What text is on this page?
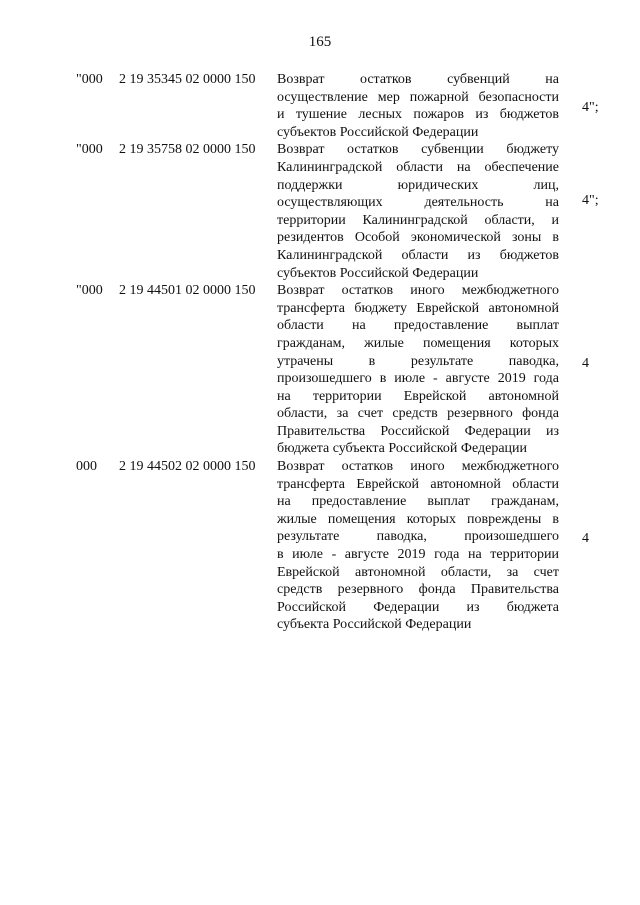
165
"000	2 19 35345 02 0000 150	Возврат остатков субвенций на
осуществление мер пожарной безопасности
и тушение лесных пожаров из бюджетов
субъектов Российской Федерации
4";
"000	2 19 35758 02 0000 150	Возврат остатков субвенции бюджету
Калининградской области на обеспечение
поддержки юридических лиц,
осуществляющих деятельность на
территории Калининградской области, и
резидентов Особой экономической зоны в
Калининградской области из бюджетов
субъектов Российской Федерации
4";
"000	2 19 44501 02 0000 150	Возврат остатков иного межбюджетного
трансферта бюджету Еврейской автономной
области на предоставление выплат
гражданам, жилые помещения которых
утрачены в результате паводка,
произошедшего в июле - августе 2019 года
на территории Еврейской автономной
области, за счет средств резервного фонда
Правительства Российской Федерации из
бюджета субъекта Российской Федерации
4
000	2 19 44502 02 0000 150	Возврат остатков иного межбюджетного
трансферта Еврейской автономной области
на предоставление выплат гражданам,
жилые помещения которых повреждены в
результате паводка, произошедшего
в июле - августе 2019 года на территории
Еврейской автономной области, за счет
средств резервного фонда Правительства
Российской Федерации из бюджета
субъекта Российской Федерации
4
